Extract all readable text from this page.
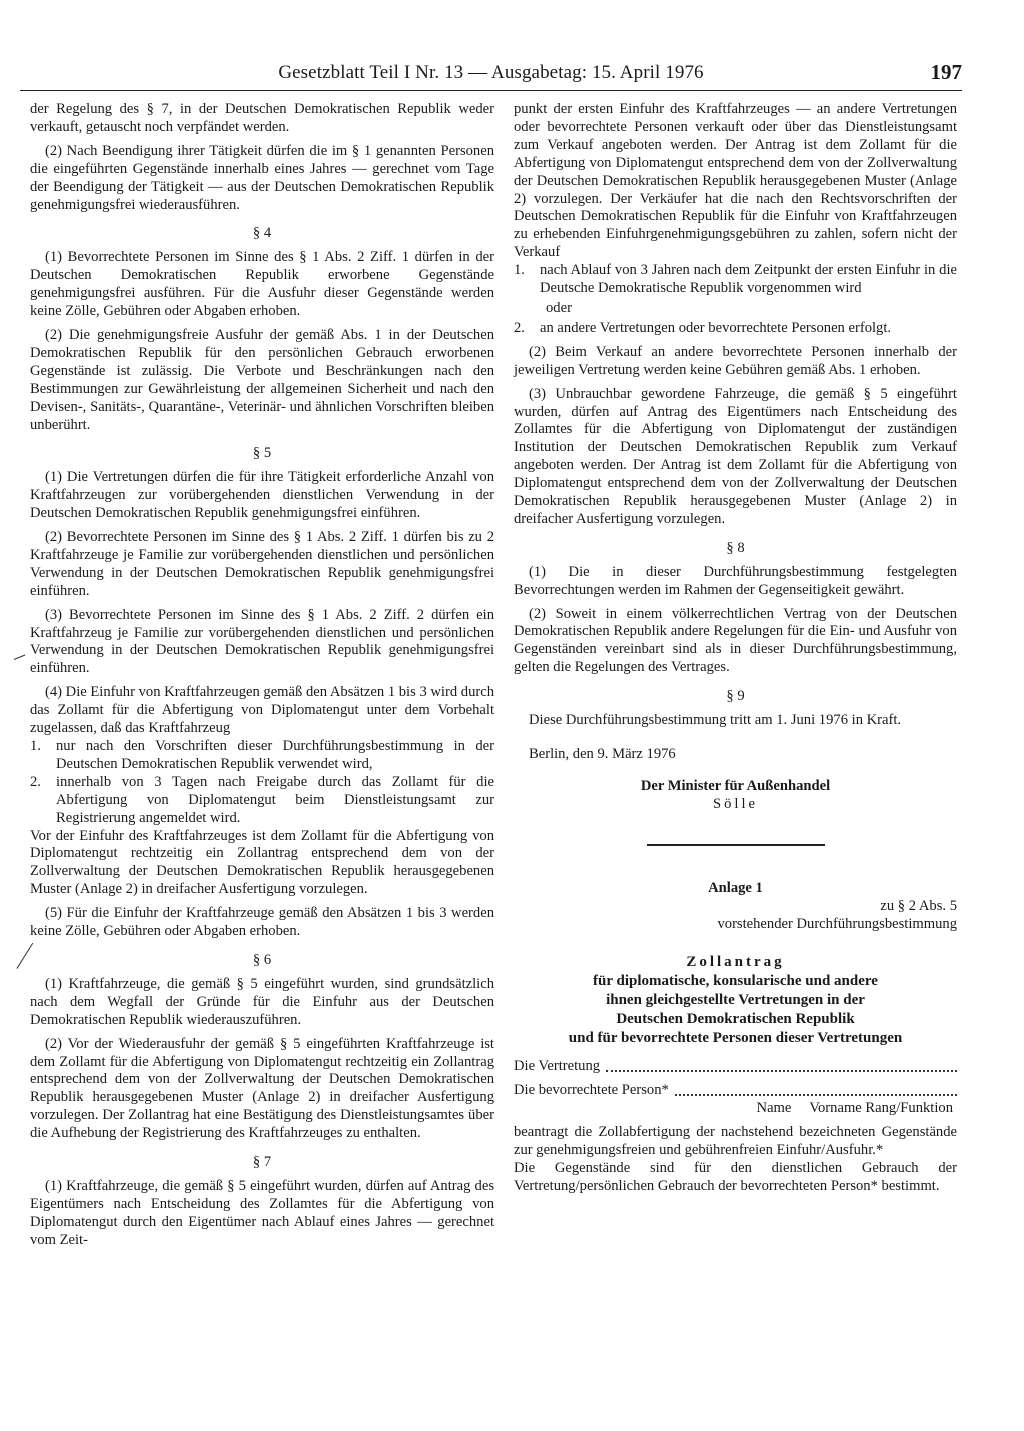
Gesetzblatt Teil I Nr. 13 — Ausgabetag: 15. April 1976	197

der Regelung des § 7, in der Deutschen Demokratischen Republik weder verkauft, getauscht noch verpfändet werden.

(2) Nach Beendigung ihrer Tätigkeit dürfen die im § 1 genannten Personen die eingeführten Gegenstände innerhalb eines Jahres — gerechnet vom Tage der Beendigung der Tätigkeit — aus der Deutschen Demokratischen Republik genehmigungsfrei wiederausführen.

§ 4

(1) Bevorrechtete Personen im Sinne des § 1 Abs. 2 Ziff. 1 dürfen in der Deutschen Demokratischen Republik erworbene Gegenstände genehmigungsfrei ausführen. Für die Ausfuhr dieser Gegenstände werden keine Zölle, Gebühren oder Abgaben erhoben.

(2) Die genehmigungsfreie Ausfuhr der gemäß Abs. 1 in der Deutschen Demokratischen Republik für den persönlichen Gebrauch erworbenen Gegenstände ist zulässig. Die Verbote und Beschränkungen nach den Bestimmungen zur Gewährleistung der allgemeinen Sicherheit und nach den Devisen-, Sanitäts-, Quarantäne-, Veterinär- und ähnlichen Vorschriften bleiben unberührt.

§ 5

(1) Die Vertretungen dürfen die für ihre Tätigkeit erforderliche Anzahl von Kraftfahrzeugen zur vorübergehenden dienstlichen Verwendung in der Deutschen Demokratischen Republik genehmigungsfrei einführen.

(2) Bevorrechtete Personen im Sinne des § 1 Abs. 2 Ziff. 1 dürfen bis zu 2 Kraftfahrzeuge je Familie zur vorübergehenden dienstlichen und persönlichen Verwendung in der Deutschen Demokratischen Republik genehmigungsfrei einführen.

(3) Bevorrechtete Personen im Sinne des § 1 Abs. 2 Ziff. 2 dürfen ein Kraftfahrzeug je Familie zur vorübergehenden dienstlichen und persönlichen Verwendung in der Deutschen Demokratischen Republik genehmigungsfrei einführen.

(4) Die Einfuhr von Kraftfahrzeugen gemäß den Absätzen 1 bis 3 wird durch das Zollamt für die Abfertigung von Diplomatengut unter dem Vorbehalt zugelassen, daß das Kraftfahrzeug

1.	nur nach den Vorschriften dieser Durchführungsbestimmung in der Deutschen Demokratischen Republik verwendet wird,
2.	innerhalb von 3 Tagen nach Freigabe durch das Zollamt für die Abfertigung von Diplomatengut beim Dienstleistungsamt zur Registrierung angemeldet wird.

Vor der Einfuhr des Kraftfahrzeuges ist dem Zollamt für die Abfertigung von Diplomatengut rechtzeitig ein Zollantrag entsprechend dem von der Zollverwaltung der Deutschen Demokratischen Republik herausgegebenen Muster (Anlage 2) in dreifacher Ausfertigung vorzulegen.

(5) Für die Einfuhr der Kraftfahrzeuge gemäß den Absätzen 1 bis 3 werden keine Zölle, Gebühren oder Abgaben erhoben.

§ 6

(1) Kraftfahrzeuge, die gemäß § 5 eingeführt wurden, sind grundsätzlich nach dem Wegfall der Gründe für die Einfuhr aus der Deutschen Demokratischen Republik wiederauszuführen.

(2) Vor der Wiederausfuhr der gemäß § 5 eingeführten Kraftfahrzeuge ist dem Zollamt für die Abfertigung von Diplomatengut rechtzeitig ein Zollantrag entsprechend dem von der Zollverwaltung der Deutschen Demokratischen Republik herausgegebenen Muster (Anlage 2) in dreifacher Ausfertigung vorzulegen. Der Zollantrag hat eine Bestätigung des Dienstleistungsamtes über die Aufhebung der Registrierung des Kraftfahrzeuges zu enthalten.

§ 7

(1) Kraftfahrzeuge, die gemäß § 5 eingeführt wurden, dürfen auf Antrag des Eigentümers nach Entscheidung des Zollamtes für die Abfertigung von Diplomatengut durch den Eigentümer nach Ablauf eines Jahres — gerechnet vom Zeit-

punkt der ersten Einfuhr des Kraftfahrzeuges — an andere Vertretungen oder bevorrechtete Personen verkauft oder über das Dienstleistungsamt zum Verkauf angeboten werden. Der Antrag ist dem Zollamt für die Abfertigung von Diplomatengut entsprechend dem von der Zollverwaltung der Deutschen Demokratischen Republik herausgegebenen Muster (Anlage 2) vorzulegen. Der Verkäufer hat die nach den Rechtsvorschriften der Deutschen Demokratischen Republik für die Einfuhr von Kraftfahrzeugen zu erhebenden Einfuhrgenehmigungsgebühren zu zahlen, sofern nicht der Verkauf

1.	nach Ablauf von 3 Jahren nach dem Zeitpunkt der ersten Einfuhr in die Deutsche Demokratische Republik vorgenommen wird

oder

2.	an andere Vertretungen oder bevorrechtete Personen erfolgt.

(2) Beim Verkauf an andere bevorrechtete Personen innerhalb der jeweiligen Vertretung werden keine Gebühren gemäß Abs. 1 erhoben.

(3) Unbrauchbar gewordene Fahrzeuge, die gemäß § 5 eingeführt wurden, dürfen auf Antrag des Eigentümers nach Entscheidung des Zollamtes für die Abfertigung von Diplomatengut der zuständigen Institution der Deutschen Demokratischen Republik zum Verkauf angeboten werden. Der Antrag ist dem Zollamt für die Abfertigung von Diplomatengut entsprechend dem von der Zollverwaltung der Deutschen Demokratischen Republik herausgegebenen Muster (Anlage 2) in dreifacher Ausfertigung vorzulegen.

§ 8

(1) Die in dieser Durchführungsbestimmung festgelegten Bevorrechtungen werden im Rahmen der Gegenseitigkeit gewährt.

(2) Soweit in einem völkerrechtlichen Vertrag von der Deutschen Demokratischen Republik andere Regelungen für die Ein- und Ausfuhr von Gegenständen vereinbart sind als in dieser Durchführungsbestimmung, gelten die Regelungen des Vertrages.

§ 9

Diese Durchführungsbestimmung tritt am 1. Juni 1976 in Kraft.

Berlin, den 9. März 1976

Der Minister für Außenhandel

Sölle

Anlage 1

zu § 2 Abs. 5

vorstehender Durchführungsbestimmung

Zollantrag
für diplomatische, konsularische und andere
ihnen gleichgestellte Vertretungen in der
Deutschen Demokratischen Republik
und für bevorrechtete Personen dieser Vertretungen
Die Vertretung
Die bevorrechtete Person*

Name     Vorname Rang/Funktion

beantragt die Zollabfertigung der nachstehend bezeichneten Gegenstände zur genehmigungsfreien und gebührenfreien Einfuhr/Ausfuhr.*

Die Gegenstände sind für den dienstlichen Gebrauch der Vertretung/persönlichen Gebrauch der bevorrechteten Person* bestimmt.
